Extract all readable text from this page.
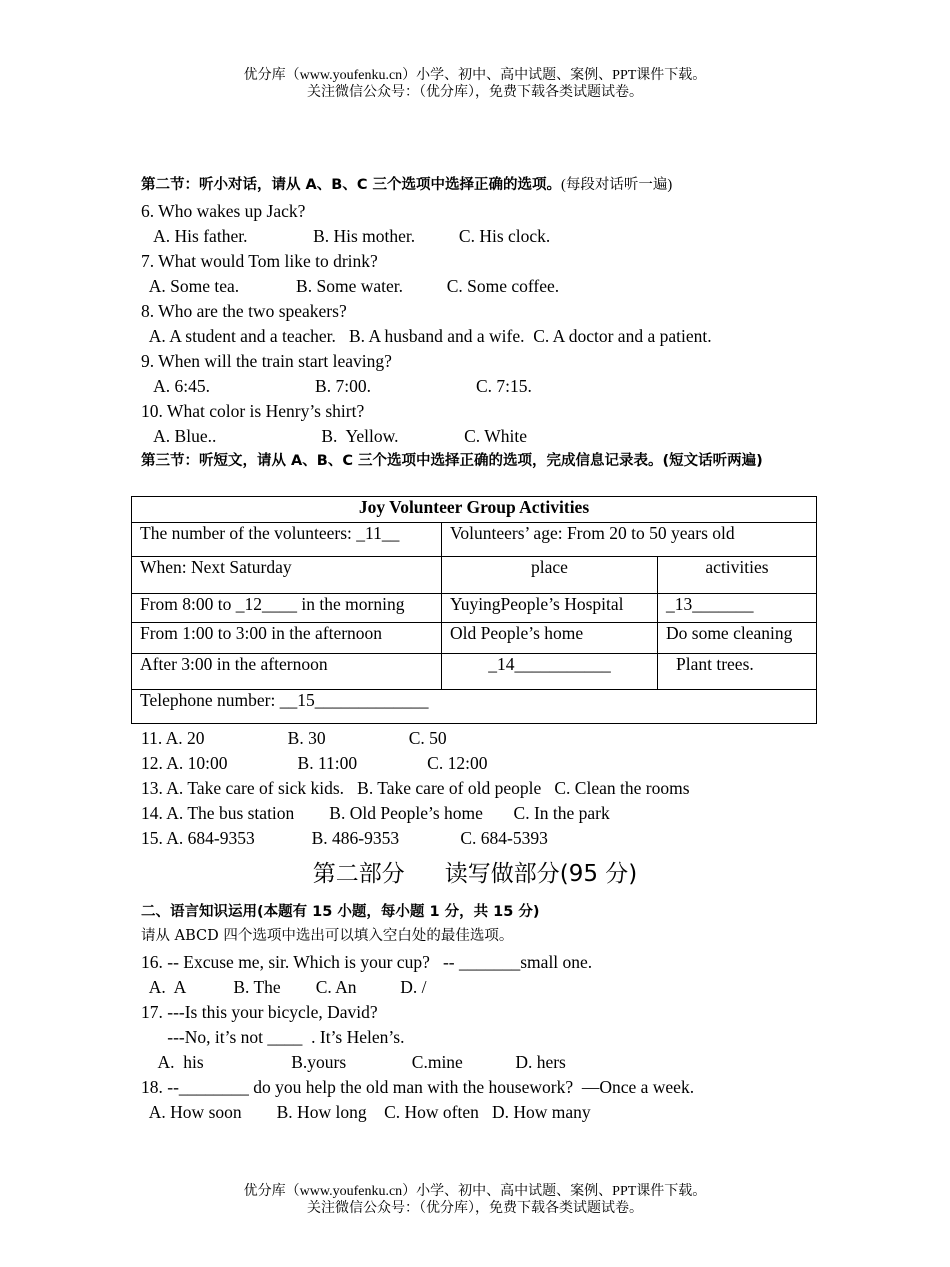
优分库（www.youfenku.cn）小学、初中、高中试题、案例、PPT课件下载。
关注微信公众号：（优分库），免费下载各类试题试卷。
第二节：听小对话，请从 A、B、C 三个选项中选择正确的选项。(每段对话听一遍)
6. Who wakes up Jack?
A. His father.               B. His mother.          C. His clock.
7. What would Tom like to drink?
A. Some tea.             B. Some water.          C. Some coffee.
8. Who are the two speakers?
A. A student and a teacher.   B. A husband and a wife.  C. A doctor and a patient.
9. When will the train start leaving?
A. 6:45.                        B. 7:00.                        C. 7:15.
10. What color is Henry’s shirt?
A. Blue..                        B.  Yellow.               C. White
第三节：听短文，请从 A、B、C 三个选项中选择正确的选项，完成信息记录表。(短文话听两遍)
Joy Volunteer Group Activities		
The number of the volunteers: _11__	Volunteers’ age: From 20 to 50 years old	
When: Next Saturday	place	activities
From 8:00 to _12____ in the morning	YuyingPeople’s Hospital	_13_______
From 1:00 to 3:00 in the afternoon	Old People’s home	Do some cleaning
After 3:00 in the afternoon	_14___________	Plant trees.
Telephone number: __15_____________		
11. A. 20                   B. 30                   C. 50
12. A. 10:00                B. 11:00                C. 12:00
13. A. Take care of sick kids.   B. Take care of old people   C. Clean the rooms
14. A. The bus station        B. Old People’s home       C. In the park
15. A. 684-9353             B. 486-9353              C. 684-5393
第二部分 读写做部分(95 分)
二、语言知识运用(本题有 15 小题，每小题 1 分，共 15 分)
请从 ABCD 四个选项中选出可以填入空白处的最佳选项。
16. -- Excuse me, sir. Which is your cup?   -- _______small one.
A.  A           B. The        C. An          D. /
17. ---Is this your bicycle, David?
---No, it’s not ____  . It’s Helen’s.
A.  his                    B.yours               C.mine            D. hers
18. --________ do you help the old man with the housework?  —Once a week.
A. How soon        B. How long    C. How often   D. How many
优分库（www.youfenku.cn）小学、初中、高中试题、案例、PPT课件下载。
关注微信公众号：（优分库），免费下载各类试题试卷。
